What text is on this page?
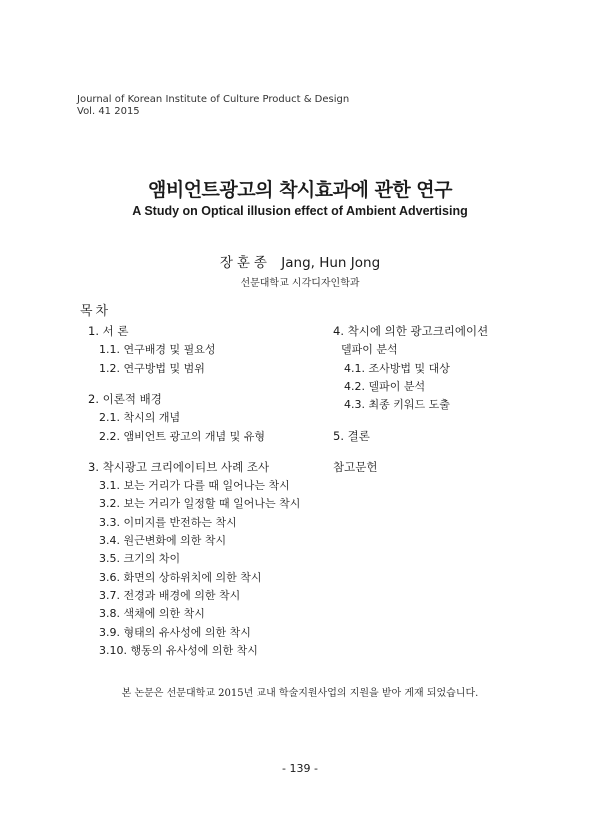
Journal of Korean Institute of Culture Product & Design
Vol. 41 2015
앰비언트광고의 착시효과에 관한 연구
A Study on Optical illusion effect of Ambient Advertising
장훈종 Jang, Hun Jong
선문대학교 시각디자인학과
목차
1. 서 론
1.1. 연구배경 및 필요성
1.2. 연구방법 및 범위
2. 이론적 배경
2.1. 착시의 개념
2.2. 앰비언트 광고의 개념 및 유형
3. 착시광고 크리에이티브 사례 조사
3.1. 보는 거리가 다를 때 일어나는 착시
3.2. 보는 거리가 일정할 때 일어나는 착시
3.3. 이미지를 반전하는 착시
3.4. 원근변화에 의한 착시
3.5. 크기의 차이
3.6. 화면의 상하위치에 의한 착시
3.7. 전경과 배경에 의한 착시
3.8. 색채에 의한 착시
3.9. 형태의 유사성에 의한 착시
3.10. 행동의 유사성에 의한 착시
4. 착시에 의한 광고크리에이션
델파이 분석
4.1. 조사방법 및 대상
4.2. 델파이 분석
4.3. 최종 키워드 도출
5. 결론
참고문헌
본 논문은 선문대학교 2015년 교내 학술지원사업의 지원을 받아 게재 되었습니다.
- 139 -
